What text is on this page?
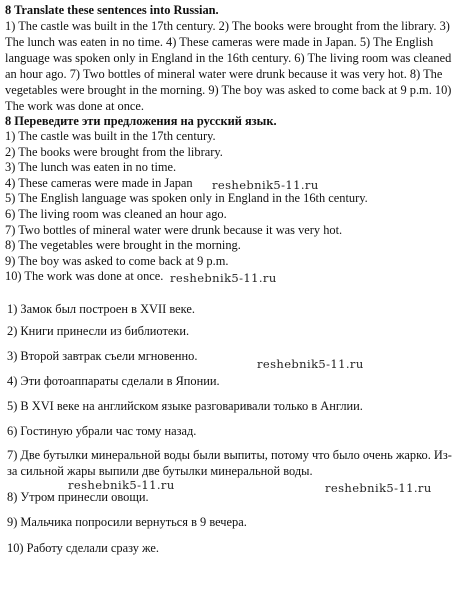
8 Translate these sentences into Russian.
1) The castle was built in the 17th century. 2) The books were brought from the library. 3) The lunch was eaten in no time. 4) These cameras were made in Japan. 5) The English language was spoken only in England in the 16th century. 6) The living room was cleaned an hour ago. 7) Two bottles of mineral water were drunk because it was very hot. 8) The vegetables were brought in the morning. 9) The boy was asked to come back at 9 p.m. 10) The work was done at once.
8 Переведите эти предложения на русский язык.
1) The castle was built in the 17th century.
2) The books were brought from the library.
3) The lunch was eaten in no time.
4) These cameras were made in Japan
5) The English language was spoken only in England in the 16th century.
6) The living room was cleaned an hour ago.
7) Two bottles of mineral water were drunk because it was very hot.
8) The vegetables were brought in the morning.
9) The boy was asked to come back at 9 p.m.
10) The work was done at once.
1) Замок был построен в XVII веке.
2) Книги принесли из библиотеки.
3) Второй завтрак съели мгновенно.
4) Эти фотоаппараты сделали в Японии.
5) В XVI веке на английском языке разговаривали только в Англии.
6) Гостиную убрали час тому назад.
7) Две бутылки минеральной воды были выпиты, потому что было очень жарко. Из-за сильной жары выпили две бутылки минеральной воды.
8) Утром принесли овощи.
9) Мальчика попросили вернуться в 9 вечера.
10) Работу сделали сразу же.
reshebnik5-11.ru
reshebnik5-11.ru
reshebnik5-11.ru
reshebnik5-11.ru	reshebnik5-11.ru
